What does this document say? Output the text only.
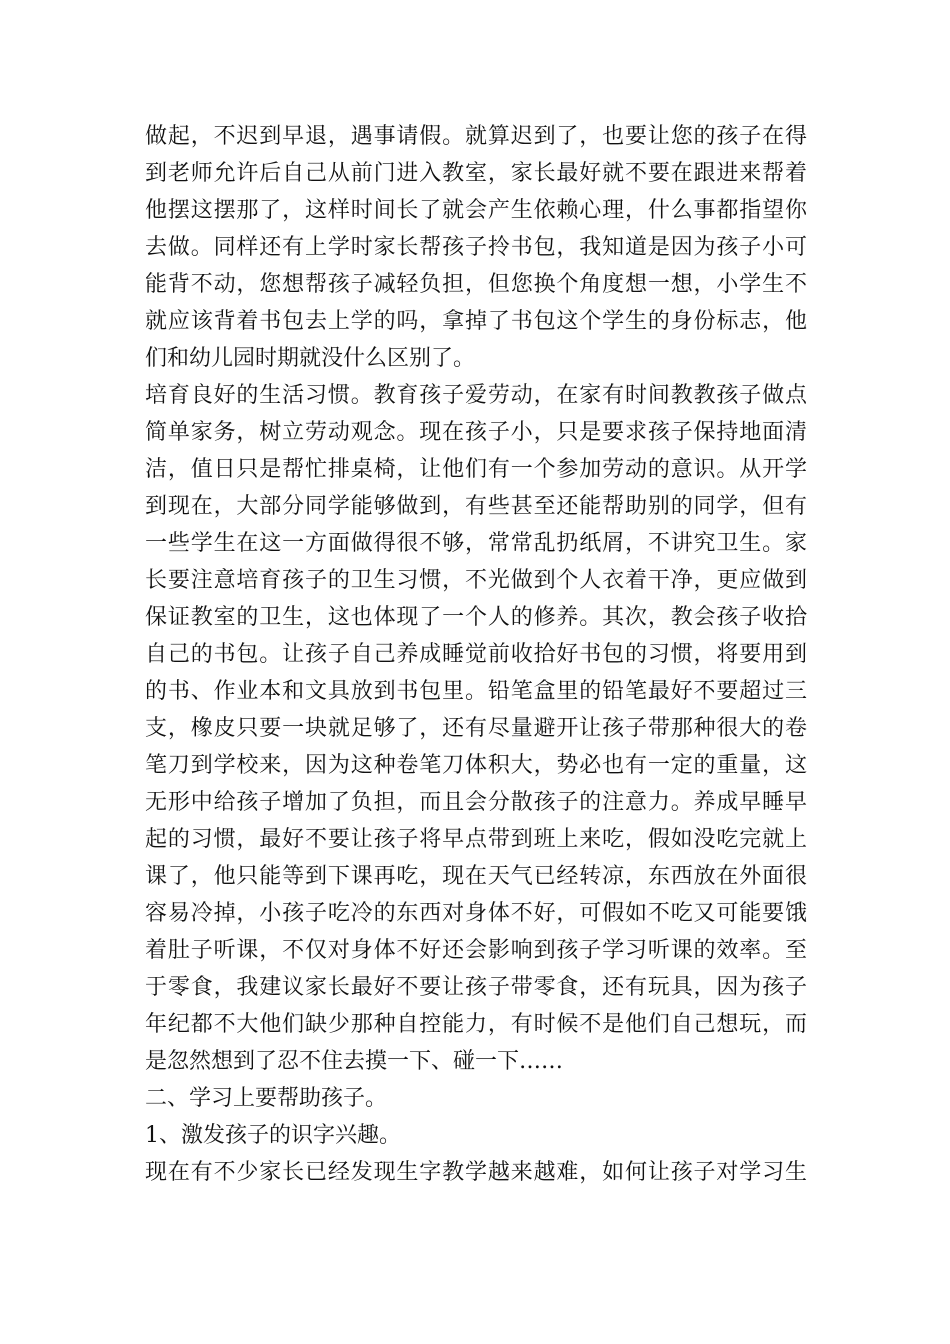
做起，不迟到早退，遇事请假。就算迟到了，也要让您的孩子在得
到老师允许后自己从前门进入教室，家长最好就不要在跟进来帮着
他摆这摆那了，这样时间长了就会产生依赖心理，什么事都指望你
去做。同样还有上学时家长帮孩子拎书包，我知道是因为孩子小可
能背不动，您想帮孩子减轻负担，但您换个角度想一想，小学生不
就应该背着书包去上学的吗，拿掉了书包这个学生的身份标志，他
们和幼儿园时期就没什么区别了。
培育良好的生活习惯。教育孩子爱劳动，在家有时间教教孩子做点
简单家务，树立劳动观念。现在孩子小，只是要求孩子保持地面清
洁，值日只是帮忙排桌椅，让他们有一个参加劳动的意识。从开学
到现在，大部分同学能够做到，有些甚至还能帮助别的同学，但有
一些学生在这一方面做得很不够，常常乱扔纸屑，不讲究卫生。家
长要注意培育孩子的卫生习惯，不光做到个人衣着干净，更应做到
保证教室的卫生，这也体现了一个人的修养。其次，教会孩子收拾
自己的书包。让孩子自己养成睡觉前收拾好书包的习惯，将要用到
的书、作业本和文具放到书包里。铅笔盒里的铅笔最好不要超过三
支，橡皮只要一块就足够了，还有尽量避开让孩子带那种很大的卷
笔刀到学校来，因为这种卷笔刀体积大，势必也有一定的重量，这
无形中给孩子增加了负担，而且会分散孩子的注意力。养成早睡早
起的习惯，最好不要让孩子将早点带到班上来吃，假如没吃完就上
课了，他只能等到下课再吃，现在天气已经转凉，东西放在外面很
容易冷掉，小孩子吃冷的东西对身体不好，可假如不吃又可能要饿
着肚子听课，不仅对身体不好还会影响到孩子学习听课的效率。至
于零食，我建议家长最好不要让孩子带零食，还有玩具，因为孩子
年纪都不大他们缺少那种自控能力，有时候不是他们自己想玩，而
是忽然想到了忍不住去摸一下、碰一下……
二、学习上要帮助孩子。
1、激发孩子的识字兴趣。
现在有不少家长已经发现生字教学越来越难，如何让孩子对学习生
